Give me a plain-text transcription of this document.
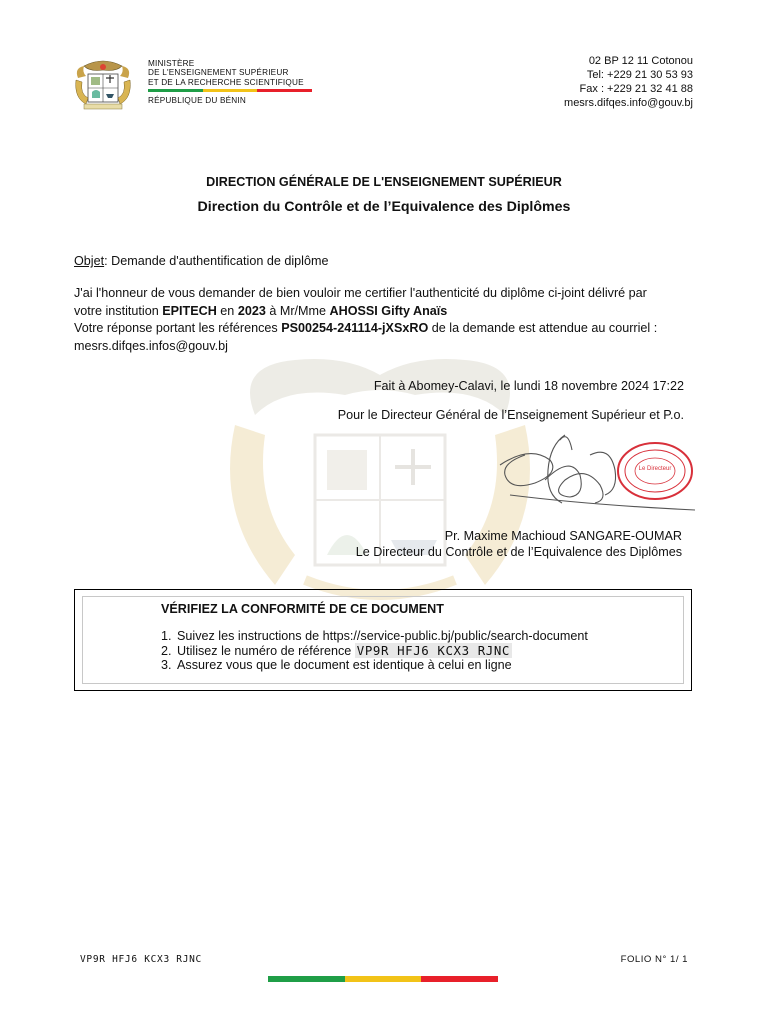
MINISTÈRE
DE L'ENSEIGNEMENT SUPÉRIEUR
ET DE LA RECHERCHE SCIENTIFIQUE
RÉPUBLIQUE DU BÉNIN
02 BP 12 11 Cotonou
Tel: +229 21 30 53 93
Fax : +229 21 32 41 88
mesrs.difqes.info@gouv.bj
DIRECTION GÉNÉRALE DE L'ENSEIGNEMENT SUPÉRIEUR
Direction du Contrôle et de l’Equivalence des Diplômes
Objet: Demande d'authentification de diplôme
J'ai l'honneur de vous demander de bien vouloir me certifier l'authenticité du diplôme ci-joint délivré par
votre institution EPITECH en 2023 à Mr/Mme AHOSSI Gifty Anaïs
Votre réponse portant les références PS00254-241114-jXSxRO de la demande est attendue au courriel :
mesrs.difqes.infos@gouv.bj
Fait à Abomey-Calavi, le lundi 18 novembre 2024 17:22
Pour le Directeur Général de l’Enseignement Supérieur et P.o.
Le Directeur
Pr. Maxime Machioud SANGARE-OUMAR
Le Directeur du Contrôle et de l’Equivalence des Diplômes
VÉRIFIEZ LA CONFORMITÉ DE CE DOCUMENT
1. Suivez les instructions de https://service-public.bj/public/search-document
2. Utilisez le numéro de référence VP9R HFJ6 KCX3 RJNC
3. Assurez vous que le document est identique à celui en ligne
VP9R HFJ6 KCX3 RJNC	FOLIO N° 1/ 1
